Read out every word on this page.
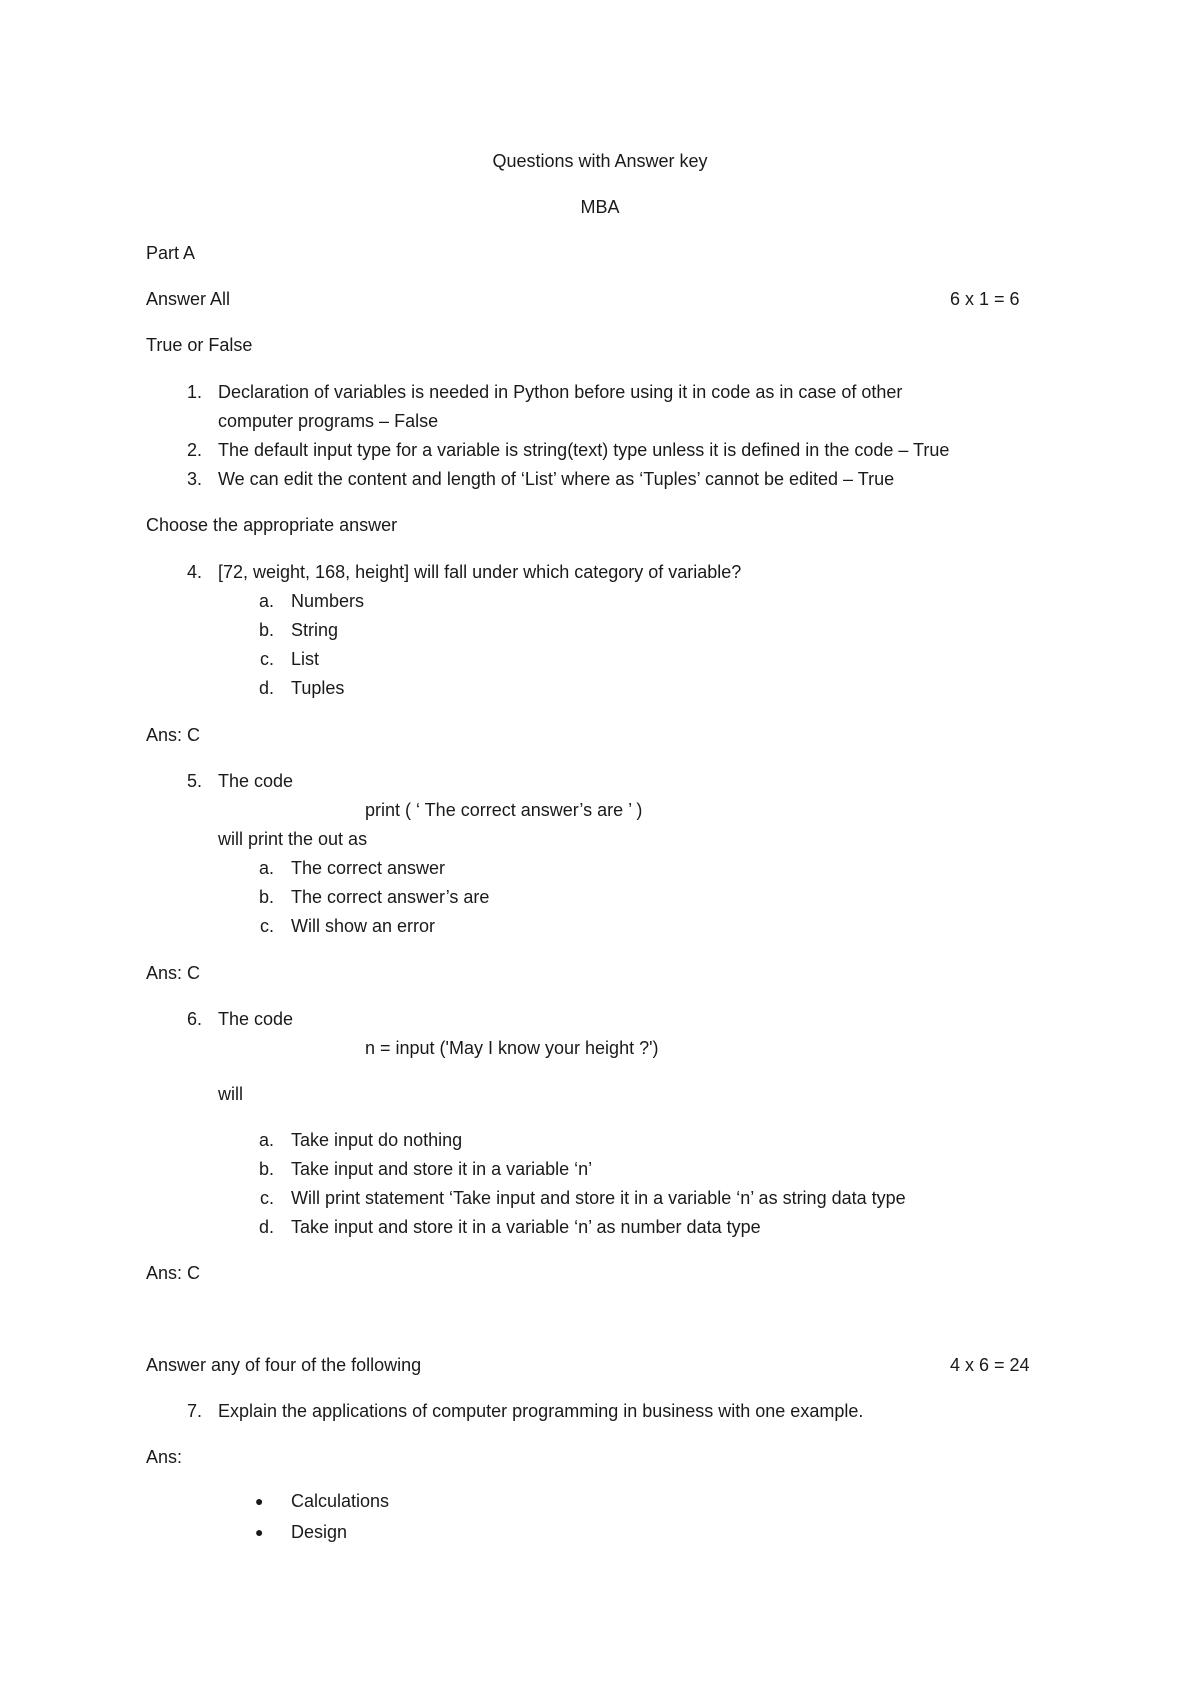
Questions with Answer key
MBA
Part A
Answer All	6 x 1 = 6
True or False
1. Declaration of variables is needed in Python before using it in code as in case of other
computer programs – False
2. The default input type for a variable is string(text) type unless it is defined in the code – True
3. We can edit the content and length of ‘List’ where as ‘Tuples’ cannot be edited – True
Choose the appropriate answer
4. [72, weight, 168, height] will fall under which category of variable?
a. Numbers
b. String
c. List
d. Tuples
Ans: C
5. The code
print ( ‘ The correct answer’s are ’ )
will print the out as
a. The correct answer
b. The correct answer’s are
c. Will show an error
Ans: C
6. The code
n = input ('May I know your height ?')
will
a. Take input do nothing
b. Take input and store it in a variable ‘n’
c. Will print statement ‘Take input and store it in a variable ‘n’ as string data type
d. Take input and store it in a variable ‘n’ as number data type
Ans: C
Answer any of four of the following	4 x 6 = 24
7. Explain the applications of computer programming in business with one example.
Ans:
● Calculations
● Design
